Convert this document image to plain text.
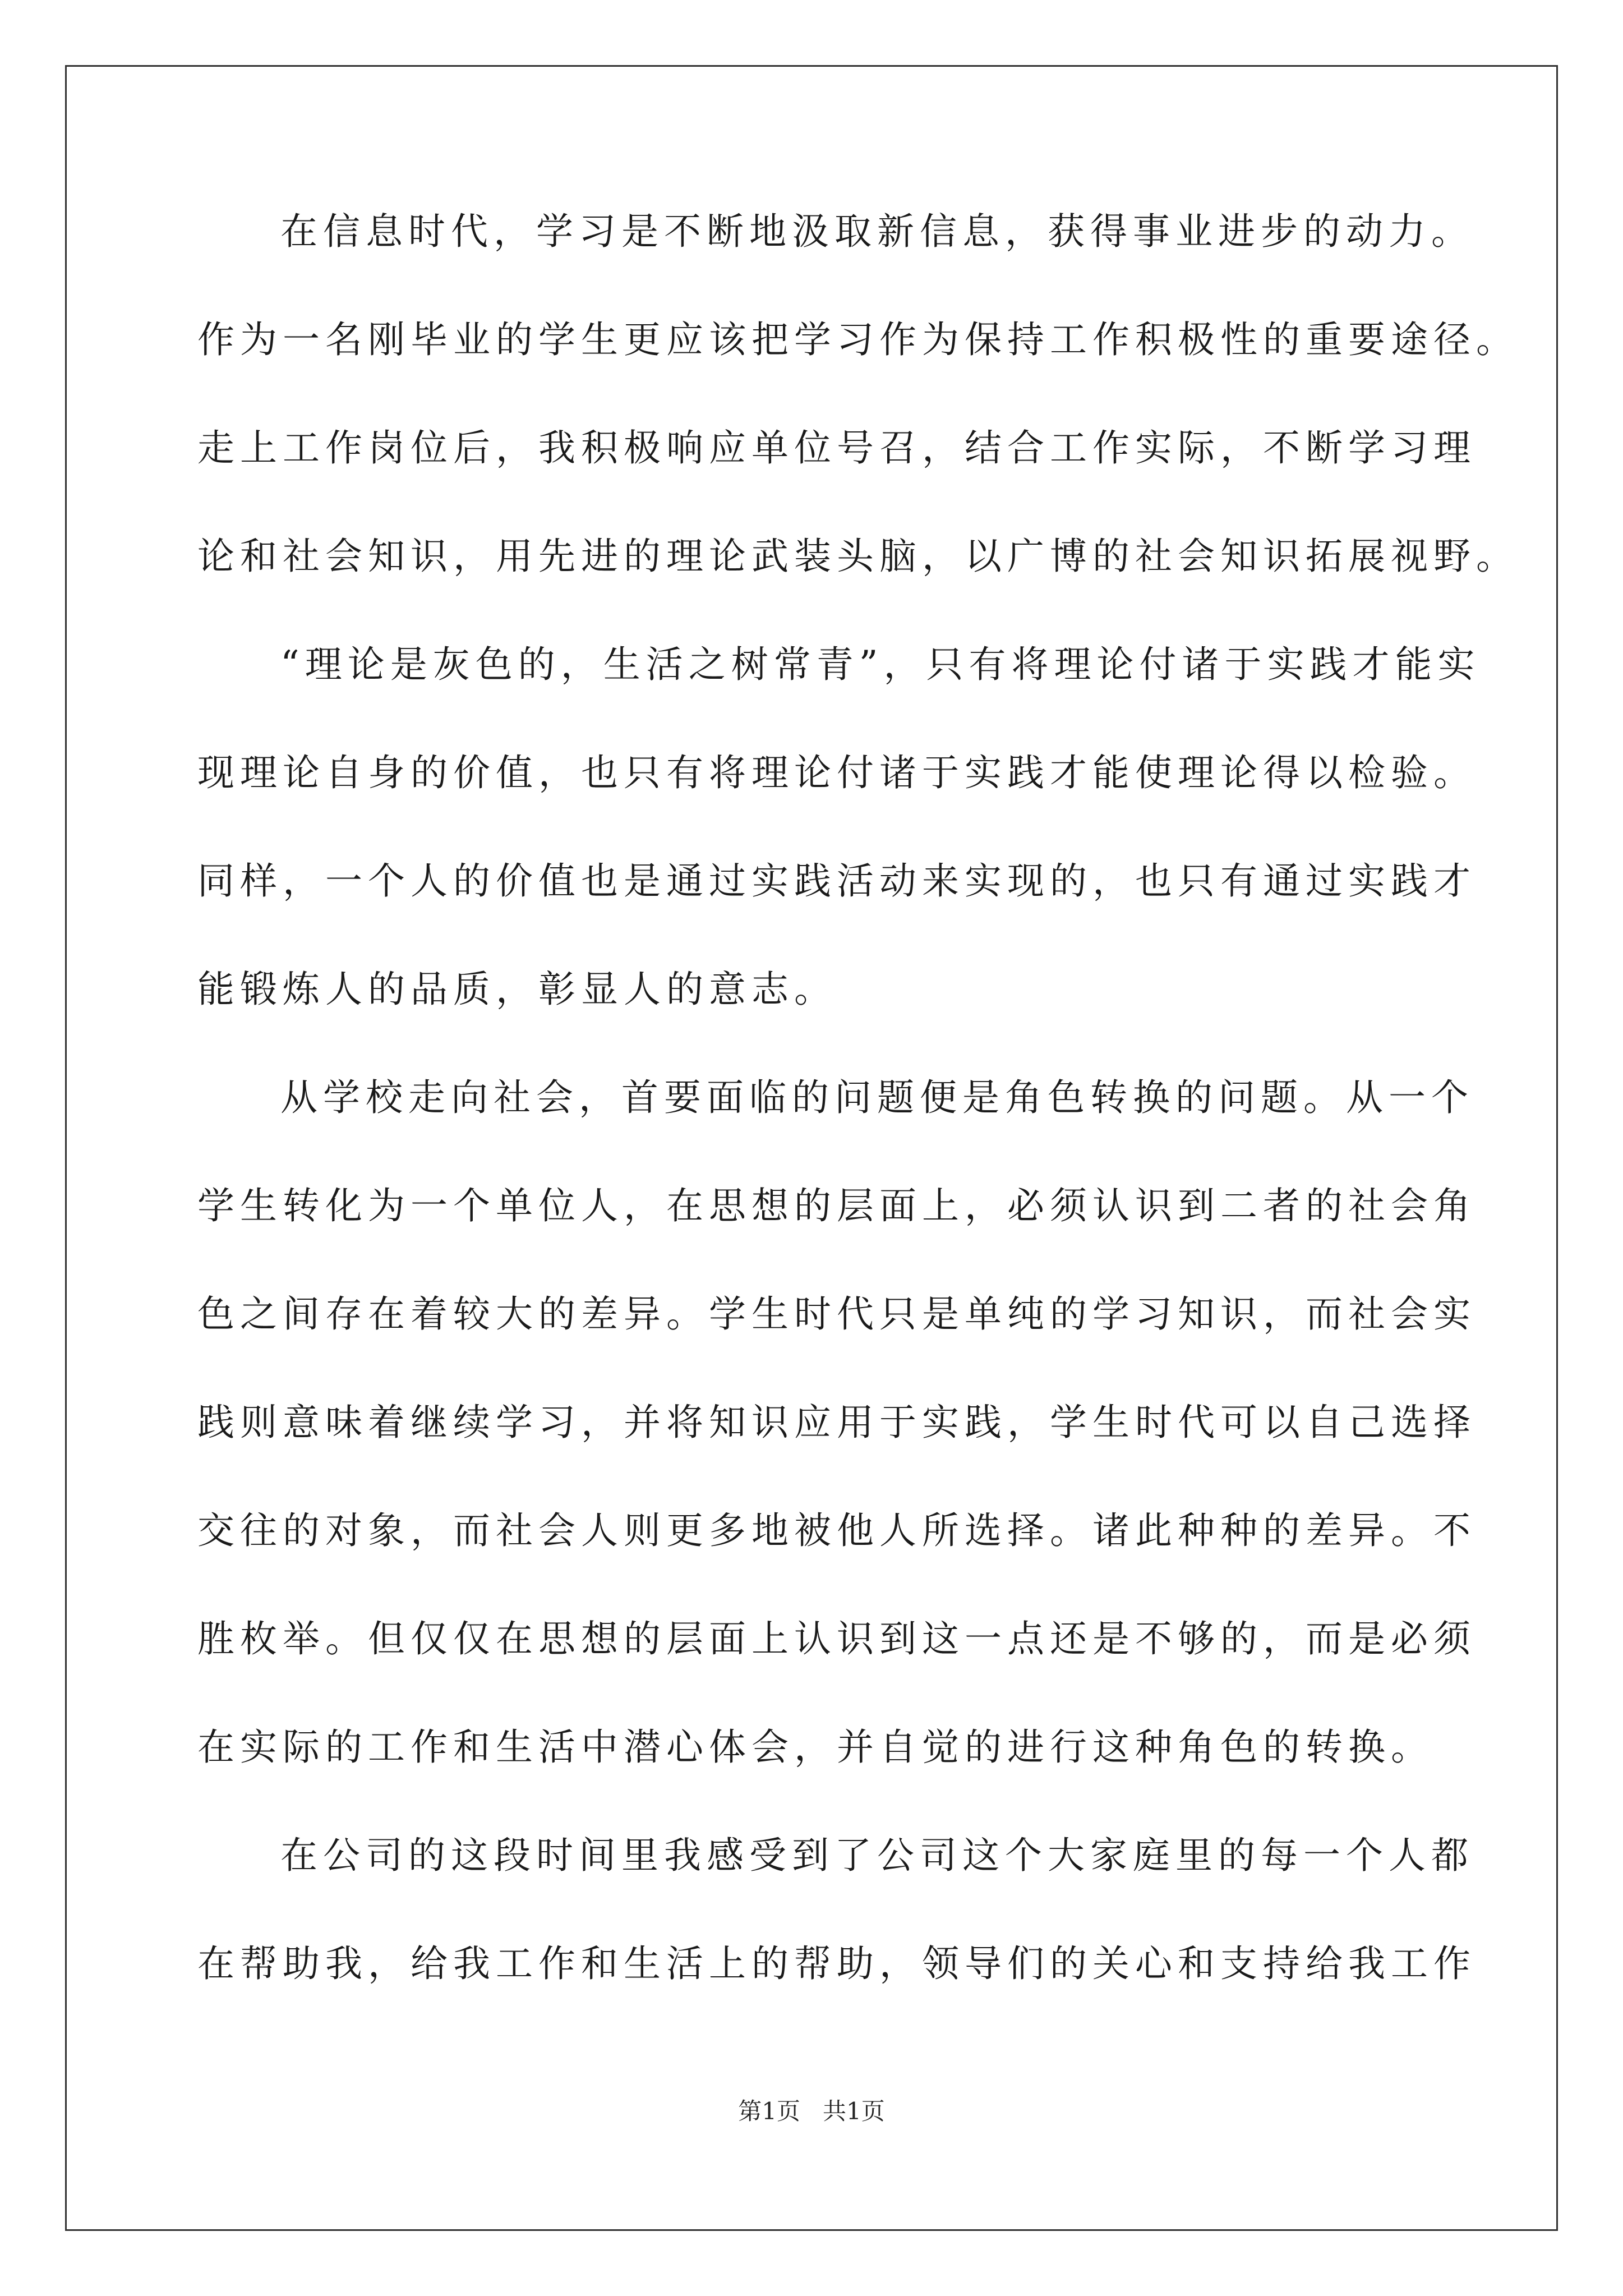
在信息时代，学习是不断地汲取新信息，获得事业进步的动力。
作为一名刚毕业的学生更应该把学习作为保持工作积极性的重要途径。
走上工作岗位后，我积极响应单位号召，结合工作实际，不断学习理
论和社会知识，用先进的理论武装头脑，以广博的社会知识拓展视野。
“理论是灰色的，生活之树常青”，只有将理论付诸于实践才能实
现理论自身的价值，也只有将理论付诸于实践才能使理论得以检验。
同样，一个人的价值也是通过实践活动来实现的，也只有通过实践才
能锻炼人的品质，彰显人的意志。
从学校走向社会，首要面临的问题便是角色转换的问题。从一个
学生转化为一个单位人，在思想的层面上，必须认识到二者的社会角
色之间存在着较大的差异。学生时代只是单纯的学习知识，而社会实
践则意味着继续学习，并将知识应用于实践，学生时代可以自己选择
交往的对象，而社会人则更多地被他人所选择。诸此种种的差异。不
胜枚举。但仅仅在思想的层面上认识到这一点还是不够的，而是必须
在实际的工作和生活中潜心体会，并自觉的进行这种角色的转换。
在公司的这段时间里我感受到了公司这个大家庭里的每一个人都
在帮助我，给我工作和生活上的帮助，领导们的关心和支持给我工作
第1页   共1页
